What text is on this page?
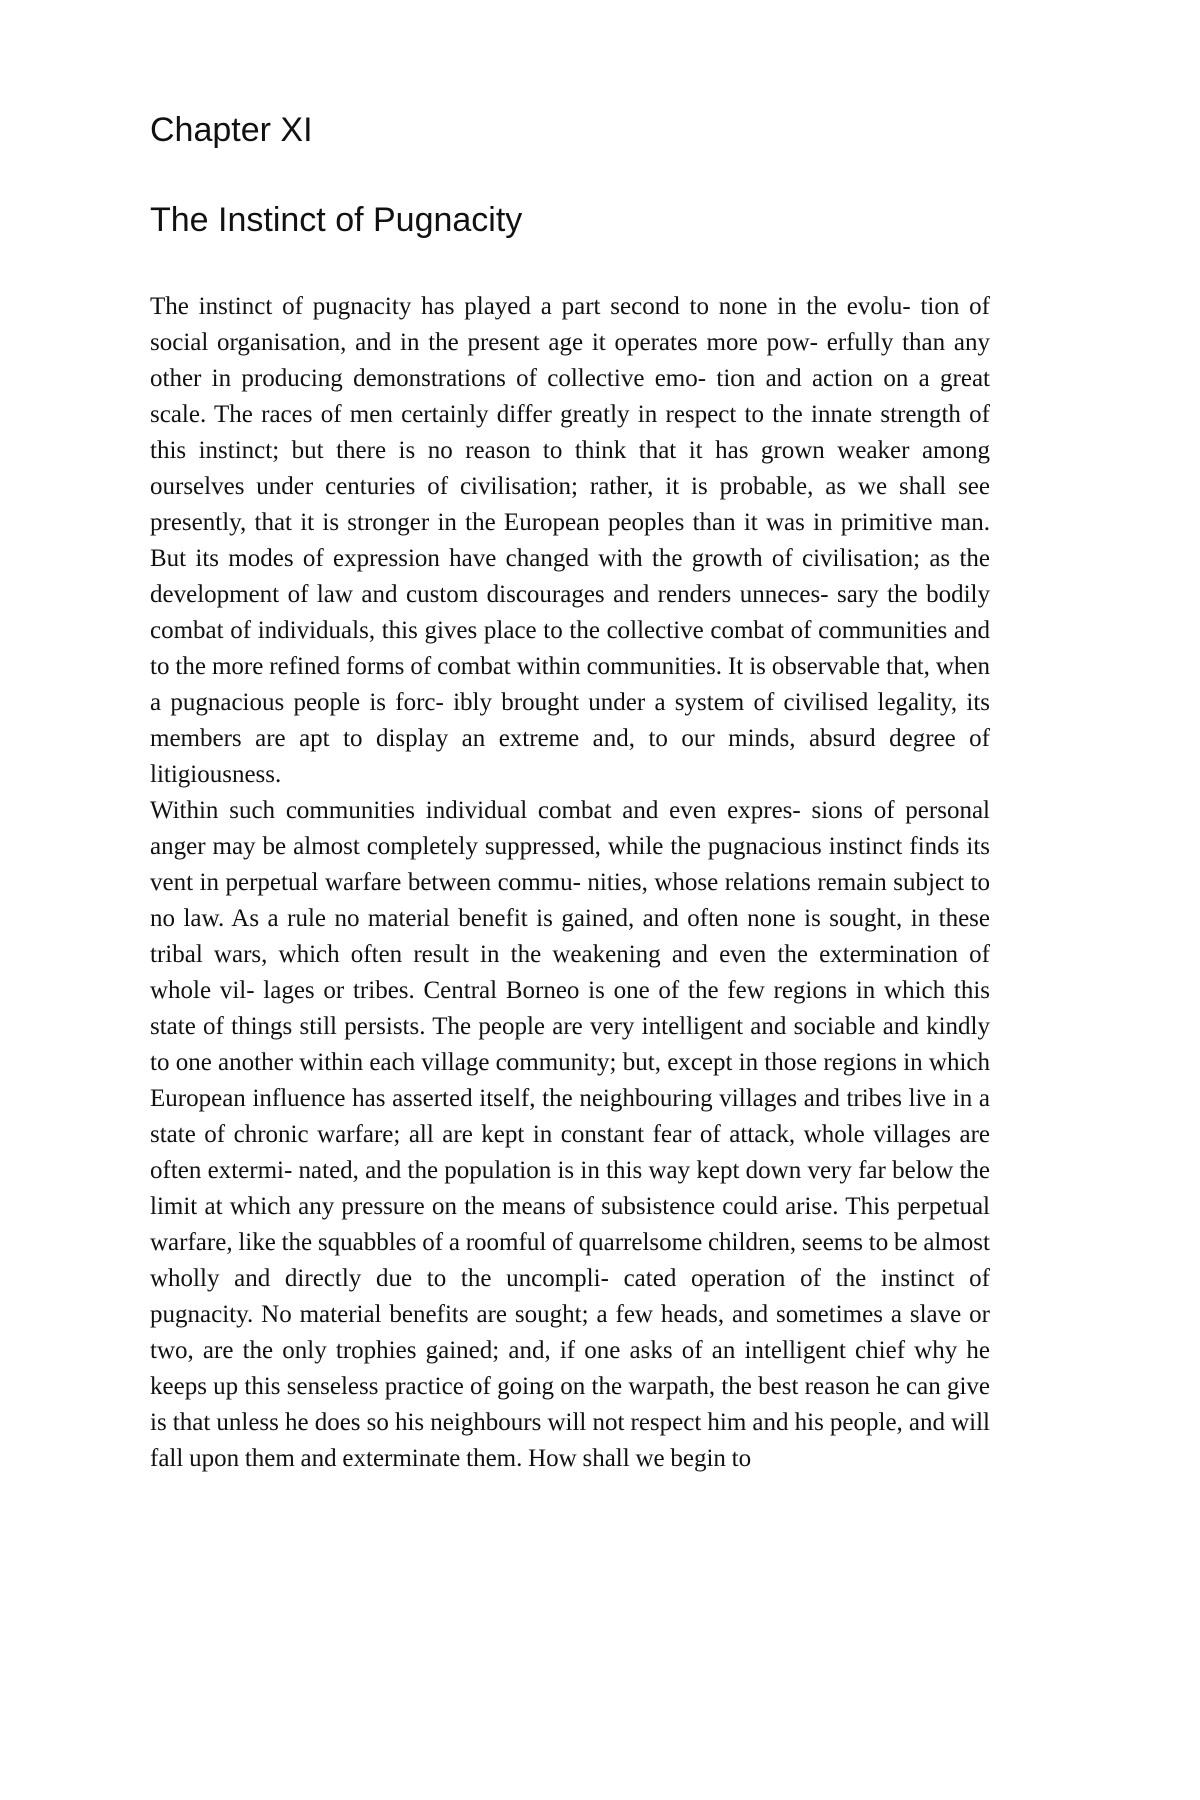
Chapter XI
The Instinct of Pugnacity

The instinct of pugnacity has played a part second to none in the evolu- tion of social organisation, and in the present age it operates more pow- erfully than any other in producing demonstrations of collective emo- tion and action on a great scale. The races of men certainly differ greatly in respect to the innate strength of this instinct; but there is no reason to think that it has grown weaker among ourselves under centuries of civilisation; rather, it is probable, as we shall see presently, that it is stronger in the European peoples than it was in primitive man. But its modes of expression have changed with the growth of civilisation; as the development of law and custom discourages and renders unneces- sary the bodily combat of individuals, this gives place to the collective combat of communities and to the more refined forms of combat within communities. It is observable that, when a pugnacious people is forc- ibly brought under a system of civilised legality, its members are apt to display an extreme and, to our minds, absurd degree of litigiousness.

Within such communities individual combat and even expres- sions of personal anger may be almost completely suppressed, while the pugnacious instinct finds its vent in perpetual warfare between commu- nities, whose relations remain subject to no law. As a rule no material benefit is gained, and often none is sought, in these tribal wars, which often result in the weakening and even the extermination of whole vil- lages or tribes. Central Borneo is one of the few regions in which this state of things still persists. The people are very intelligent and sociable and kindly to one another within each village community; but, except in those regions in which European influence has asserted itself, the neighbouring villages and tribes live in a state of chronic warfare; all are kept in constant fear of attack, whole villages are often extermi- nated, and the population is in this way kept down very far below the limit at which any pressure on the means of subsistence could arise. This perpetual warfare, like the squabbles of a roomful of quarrelsome children, seems to be almost wholly and directly due to the uncompli- cated operation of the instinct of pugnacity. No material benefits are sought; a few heads, and sometimes a slave or two, are the only trophies gained; and, if one asks of an intelligent chief why he keeps up this senseless practice of going on the warpath, the best reason he can give is that unless he does so his neighbours will not respect him and his people, and will fall upon them and exterminate them. How shall we begin to
